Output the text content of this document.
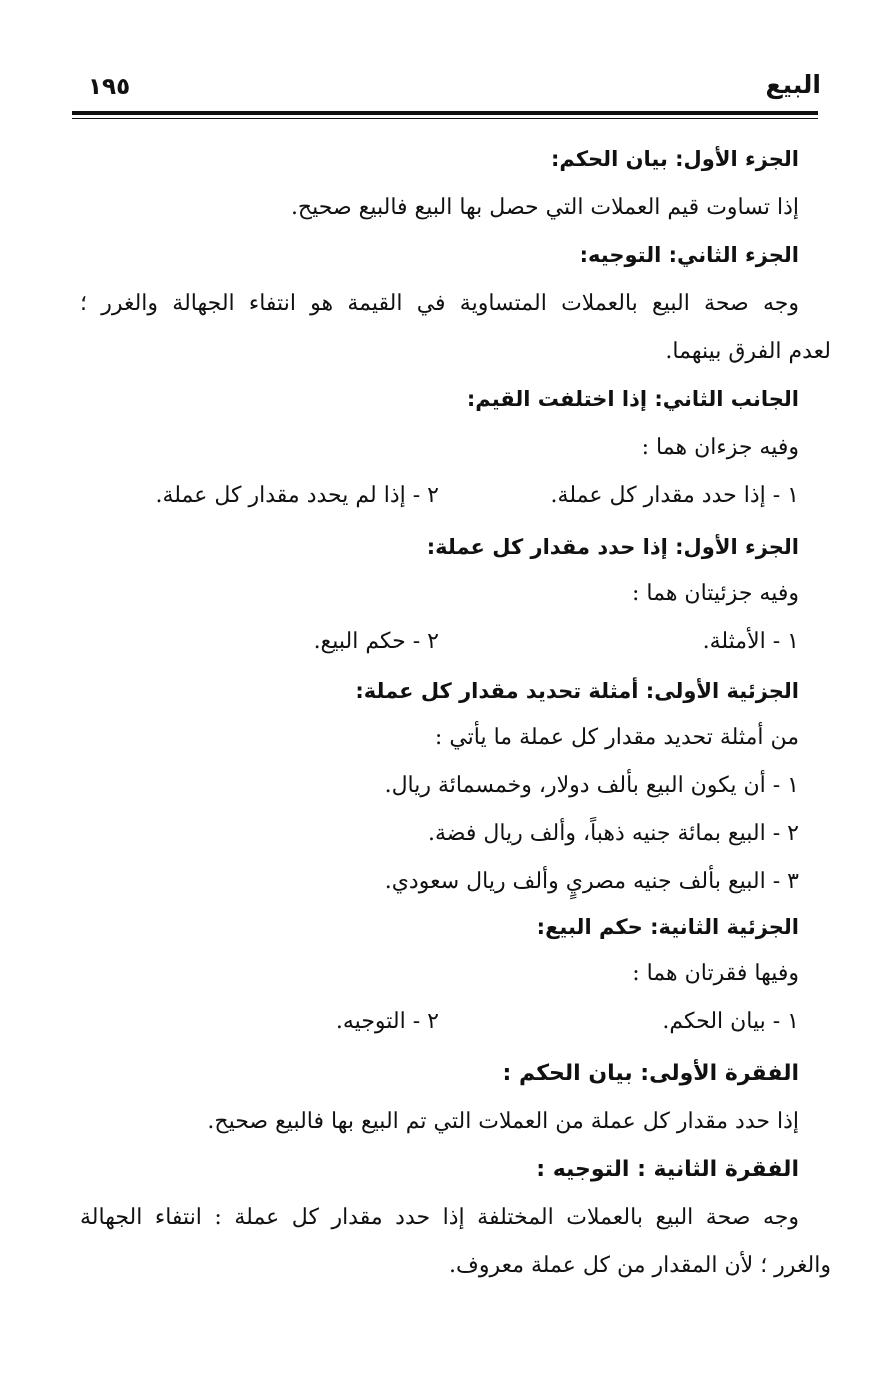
البيع
١٩٥
الجزء الأول: بيان الحكم:
إذا تساوت قيم العملات التي حصل بها البيع فالبيع صحيح.
الجزء الثاني: التوجيه:
وجه صحة البيع بالعملات المتساوية في القيمة هو انتفاء الجهالة والغرر ؛
لعدم الفرق بينهما.
الجانب الثاني: إذا اختلفت القيم:
وفيه جزءان هما :
١ - إذا حدد مقدار كل عملة.
٢ - إذا لم يحدد مقدار كل عملة.
الجزء الأول: إذا حدد مقدار كل عملة:
وفيه جزئيتان هما :
١ - الأمثلة.
٢ - حكم البيع.
الجزئية الأولى: أمثلة تحديد مقدار كل عملة:
من أمثلة تحديد مقدار كل عملة ما يأتي :
١ - أن يكون البيع بألف دولار، وخمسمائة ريال.
٢ - البيع بمائة جنيه ذهباً، وألف ريال فضة.
٣ - البيع بألف جنيه مصريٍ وألف ريال سعودي.
الجزئية الثانية: حكم البيع:
وفيها فقرتان هما :
١ - بيان الحكم.
٢ - التوجيه.
الفقرة الأولى: بيان الحكم :
إذا حدد مقدار كل عملة من العملات التي تم البيع بها فالبيع صحيح.
الفقرة الثانية : التوجيه :
وجه صحة البيع بالعملات المختلفة إذا حدد مقدار كل عملة : انتفاء الجهالة
والغرر ؛ لأن المقدار من كل عملة معروف.
